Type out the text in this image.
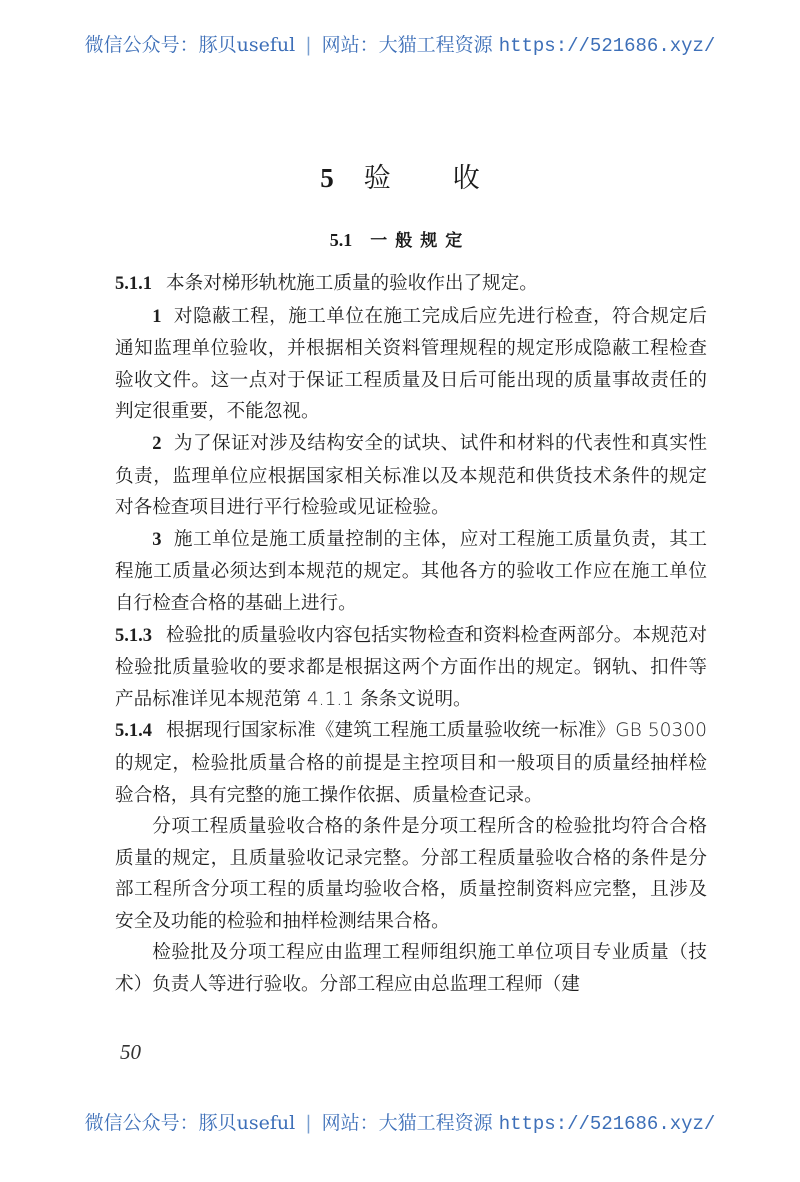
微信公众号：豚贝useful | 网站：大猫工程资源 https://521686.xyz/
5 验 收
5.1 一般规定

5.1.1 本条对梯形轨枕施工质量的验收作出了规定。

1 对隐蔽工程，施工单位在施工完成后应先进行检查，符合规定后通知监理单位验收，并根据相关资料管理规程的规定形成隐蔽工程检查验收文件。这一点对于保证工程质量及日后可能出现的质量事故责任的判定很重要，不能忽视。

2 为了保证对涉及结构安全的试块、试件和材料的代表性和真实性负责，监理单位应根据国家相关标准以及本规范和供货技术条件的规定对各检查项目进行平行检验或见证检验。

3 施工单位是施工质量控制的主体，应对工程施工质量负责，其工程施工质量必须达到本规范的规定。其他各方的验收工作应在施工单位自行检查合格的基础上进行。

5.1.3 检验批的质量验收内容包括实物检查和资料检查两部分。本规范对检验批质量验收的要求都是根据这两个方面作出的规定。钢轨、扣件等产品标准详见本规范第 4.1.1 条条文说明。

5.1.4 根据现行国家标准《建筑工程施工质量验收统一标准》GB 50300 的规定，检验批质量合格的前提是主控项目和一般项目的质量经抽样检验合格，具有完整的施工操作依据、质量检查记录。

分项工程质量验收合格的条件是分项工程所含的检验批均符合合格质量的规定，且质量验收记录完整。分部工程质量验收合格的条件是分部工程所含分项工程的质量均验收合格，质量控制资料应完整，且涉及安全及功能的检验和抽样检测结果合格。

检验批及分项工程应由监理工程师组织施工单位项目专业质量（技术）负责人等进行验收。分部工程应由总监理工程师（建

50
微信公众号：豚贝useful | 网站：大猫工程资源 https://521686.xyz/
